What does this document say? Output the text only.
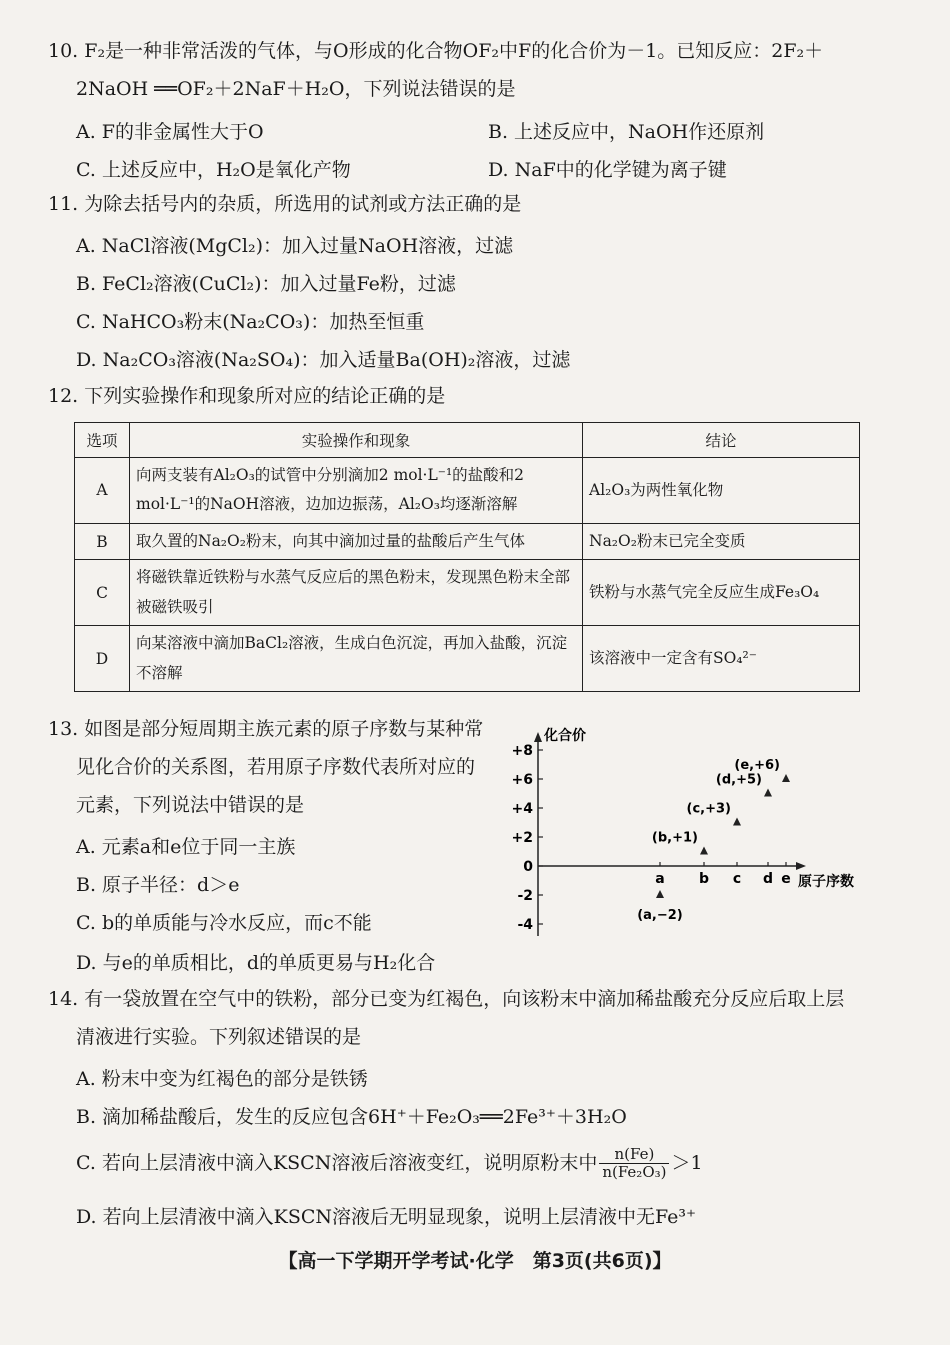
10. F₂是一种非常活泼的气体，与O形成的化合物OF₂中F的化合价为－1。已知反应：2F₂＋
2NaOH ══OF₂＋2NaF＋H₂O，下列说法错误的是
A. F的非金属性大于O	B. 上述反应中，NaOH作还原剂
C. 上述反应中，H₂O是氧化产物	D. NaF中的化学键为离子键
11. 为除去括号内的杂质，所选用的试剂或方法正确的是
A. NaCl溶液(MgCl₂)：加入过量NaOH溶液，过滤
B. FeCl₂溶液(CuCl₂)：加入过量Fe粉，过滤
C. NaHCO₃粉末(Na₂CO₃)：加热至恒重
D. Na₂CO₃溶液(Na₂SO₄)：加入适量Ba(OH)₂溶液，过滤
12. 下列实验操作和现象所对应的结论正确的是
选项	实验操作和现象	结论
A	向两支装有Al₂O₃的试管中分别滴加2 mol·L⁻¹的盐酸和2 mol·L⁻¹的NaOH溶液，边加边振荡，Al₂O₃均逐渐溶解	Al₂O₃为两性氧化物
B	取久置的Na₂O₂粉末，向其中滴加过量的盐酸后产生气体	Na₂O₂粉末已完全变质
C	将磁铁靠近铁粉与水蒸气反应后的黑色粉末，发现黑色粉末全部被磁铁吸引	铁粉与水蒸气完全反应生成Fe₃O₄
D	向某溶液中滴加BaCl₂溶液，生成白色沉淀，再加入盐酸，沉淀不溶解	该溶液中一定含有SO₄²⁻
13. 如图是部分短周期主族元素的原子序数与某种常
见化合价的关系图，若用原子序数代表所对应的
元素，下列说法中错误的是
A. 元素a和e位于同一主族
B. 原子半径：d＞e
C. b的单质能与冷水反应，而c不能
D. 与e的单质相比，d的单质更易与H₂化合
化合价
原子序数
+8
+6
+4
+2
0
-2
-4
a
(a,−2)
b
(b,+1)
c
(c,+3)
d
(d,+5)
e
(e,+6)
14. 有一袋放置在空气中的铁粉，部分已变为红褐色，向该粉末中滴加稀盐酸充分反应后取上层
清液进行实验。下列叙述错误的是
A. 粉末中变为红褐色的部分是铁锈
B. 滴加稀盐酸后，发生的反应包含6H⁺＋Fe₂O₃══2Fe³⁺＋3H₂O
C. 若向上层清液中滴入KSCN溶液后溶液变红，说明原粉末中 $\frac{n(Fe)}{\text{n(Fe₂O₃)}} >1$
D. 若向上层清液中滴入KSCN溶液后无明显现象，说明上层清液中无Fe³⁺
【高一下学期开学考试·化学　第3页(共6页)】
